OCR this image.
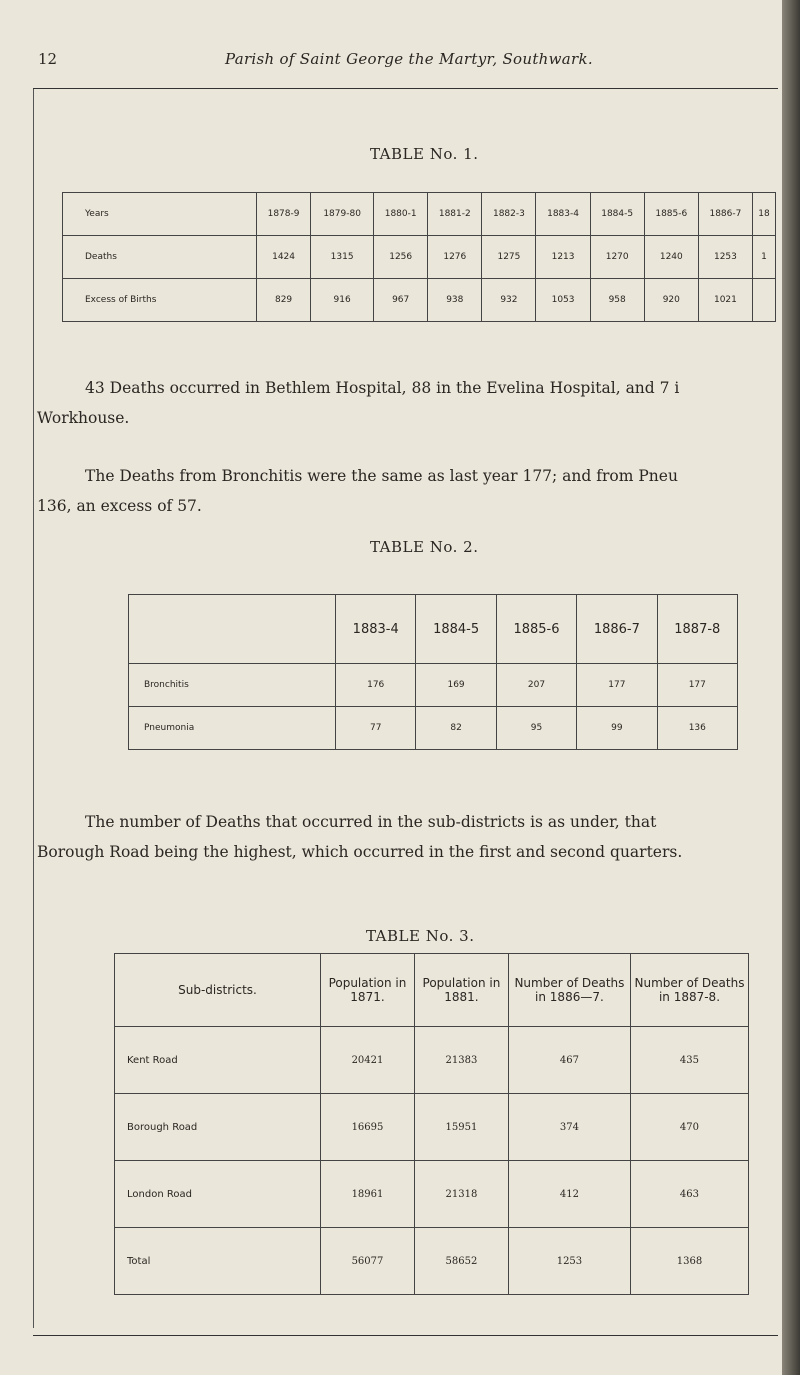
12	Parish of Saint George the Martyr, Southwark.
TABLE No. 1.
Years	1878-9	1879-80	1880-1	1881-2	1882-3	1883-4	1884-5	1885-6	1886-7	18
Deaths	1424	1315	1256	1276	1275	1213	1270	1240	1253	1
Excess of Births	829	916	967	938	932	1053	958	920	1021	
43 Deaths occurred in Bethlem Hospital, 88 in the Evelina Hospital, and 7 i
Workhouse.
The Deaths from Bronchitis were the same as last year 177; and from Pneu
136, an excess of 57.
TABLE No. 2.
	1883-4	1884-5	1885-6	1886-7	1887-8
Bronchitis	176	169	207	177	177
Pneumonia	77	82	95	99	136
The number of Deaths that occurred in the sub-districts is as under, that
Borough Road being the highest, which occurred in the first and second quarters.
TABLE No. 3.
Sub-districts.	Population in 1871.	Population in 1881.	Number of Deaths in 1886—7.	Number of Deaths in 1887-8.
Kent Road	20421	21383	467	435
Borough Road	16695	15951	374	470
London Road	18961	21318	412	463
Total	56077	58652	1253	1368
